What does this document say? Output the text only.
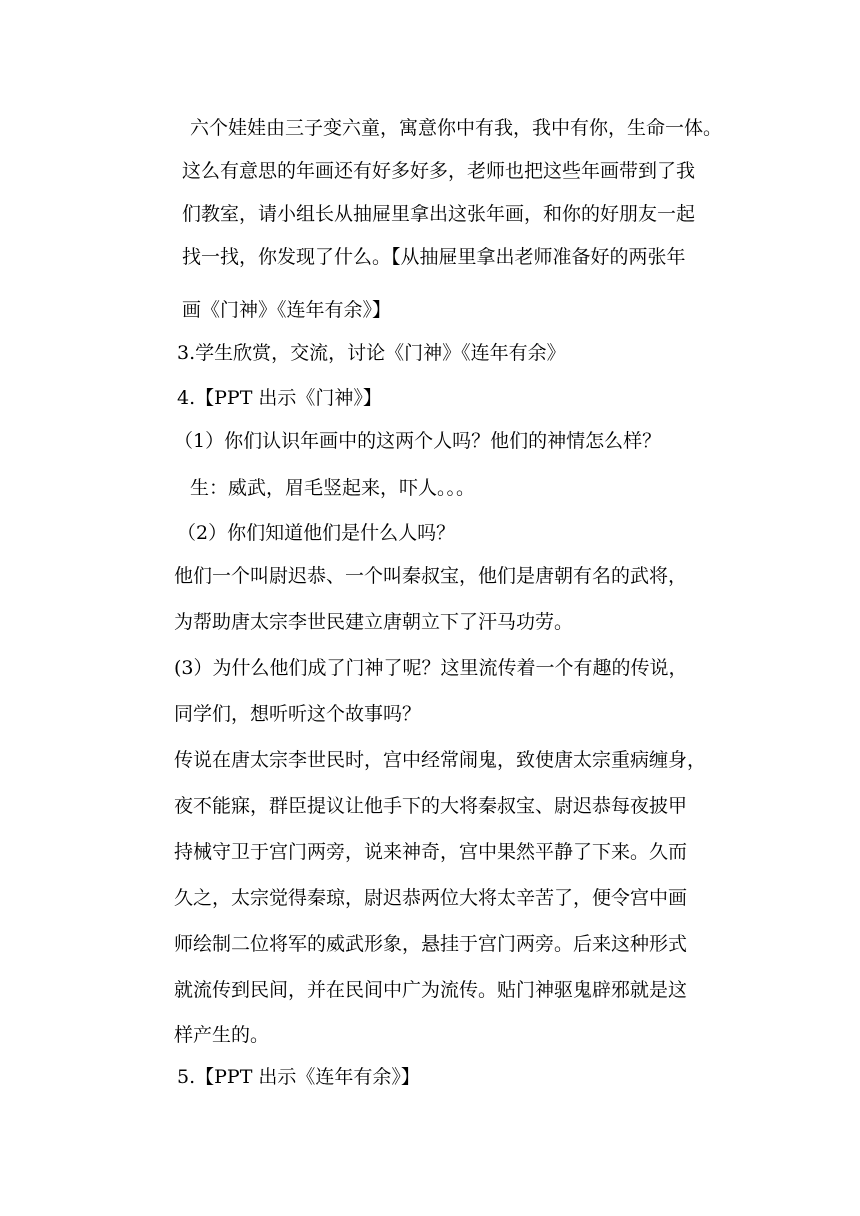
六个娃娃由三子变六童，寓意你中有我，我中有你，生命一体。
这么有意思的年画还有好多好多，老师也把这些年画带到了我
们教室，请小组长从抽屉里拿出这张年画，和你的好朋友一起
找一找，你发现了什么。【从抽屉里拿出老师准备好的两张年
画《门神》《连年有余》】
3.学生欣赏，交流，讨论《门神》《连年有余》
4.【PPT 出示《门神》】
（1）你们认识年画中的这两个人吗？他们的神情怎么样？
生：威武，眉毛竖起来，吓人。。。
（2）你们知道他们是什么人吗？
他们一个叫尉迟恭、一个叫秦叔宝，他们是唐朝有名的武将，
为帮助唐太宗李世民建立唐朝立下了汗马功劳。
(3）为什么他们成了门神了呢？这里流传着一个有趣的传说，
同学们，想听听这个故事吗？
传说在唐太宗李世民时，宫中经常闹鬼，致使唐太宗重病缠身，
夜不能寐，群臣提议让他手下的大将秦叔宝、尉迟恭每夜披甲
持械守卫于宫门两旁，说来神奇，宫中果然平静了下来。久而
久之，太宗觉得秦琼，尉迟恭两位大将太辛苦了，便令宫中画
师绘制二位将军的威武形象，悬挂于宫门两旁。后来这种形式
就流传到民间，并在民间中广为流传。贴门神驱鬼辟邪就是这
样产生的。
5.【PPT 出示《连年有余》】
